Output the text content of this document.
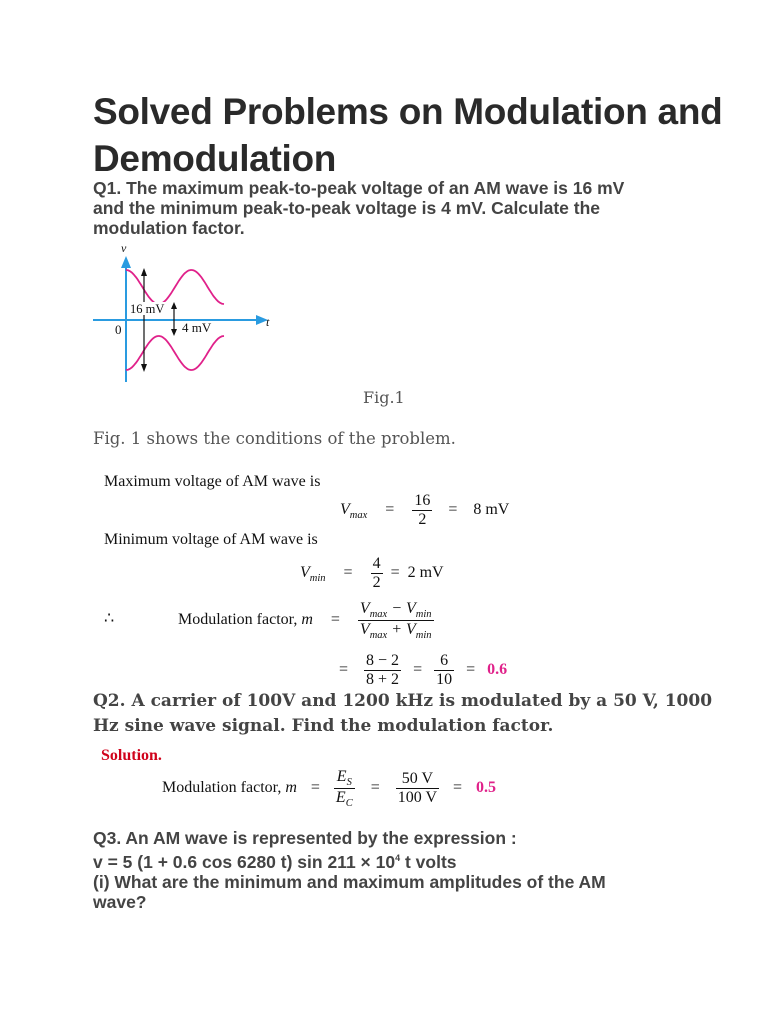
Solved Problems on Modulation and Demodulation
Q1. The maximum peak-to-peak voltage of an AM wave is 16 mV
and the minimum peak-to-peak voltage is 4 mV. Calculate the
modulation factor.
v
t
0
16 mV
4 mV
Fig.1
Fig. 1 shows the conditions of the problem.
Maximum voltage of AM wave is
$V_{max} = \frac{16}{2} = 8$ mV
Minimum voltage of AM wave is
$V_{min} = \frac{4}{2} = 2$ mV
∴	Modulation factor, $m = \frac{V_{max} - V_{min}}{V_{max} + V_{min}}$
= $\frac{8 - 2}{8 + 2} = \frac{6}{10} = 0.6$
Q2. A carrier of 100V and 1200 kHz is modulated by a 50 V, 1000
Hz sine wave signal. Find the modulation factor.
Solution.
Modulation factor, $m = \frac{E_S}{E_C} = \frac{50 V}{100 V} = 0.5$
Q3. An AM wave is represented by the expression :
v = 5 (1 + 0.6 cos 6280 t) $\sin 211 \times 10^4$ t volts
(i) What are the minimum and maximum amplitudes of the AM
wave?
